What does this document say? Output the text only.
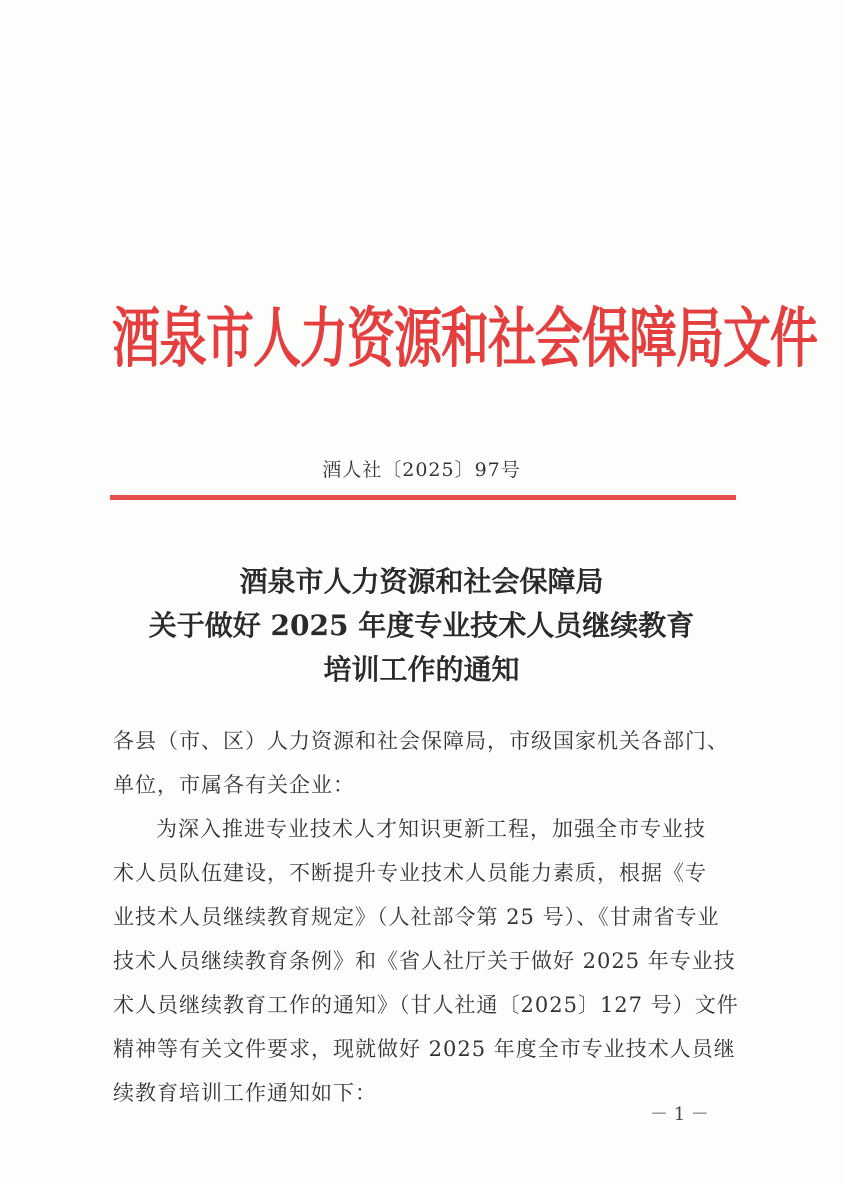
酒泉市人力资源和社会保障局文件
酒人社〔2025〕97号
酒泉市人力资源和社会保障局
关于做好 2025 年度专业技术人员继续教育
培训工作的通知
各县（市、区）人力资源和社会保障局，市级国家机关各部门、
单位，市属各有关企业：
为深入推进专业技术人才知识更新工程，加强全市专业技
术人员队伍建设，不断提升专业技术人员能力素质，根据《专
业技术人员继续教育规定》（人社部令第 25 号）、《甘肃省专业
技术人员继续教育条例》和《省人社厅关于做好 2025 年专业技
术人员继续教育工作的通知》（甘人社通〔2025〕127 号）文件
精神等有关文件要求，现就做好 2025 年度全市专业技术人员继
续教育培训工作通知如下：
－ 1 －
